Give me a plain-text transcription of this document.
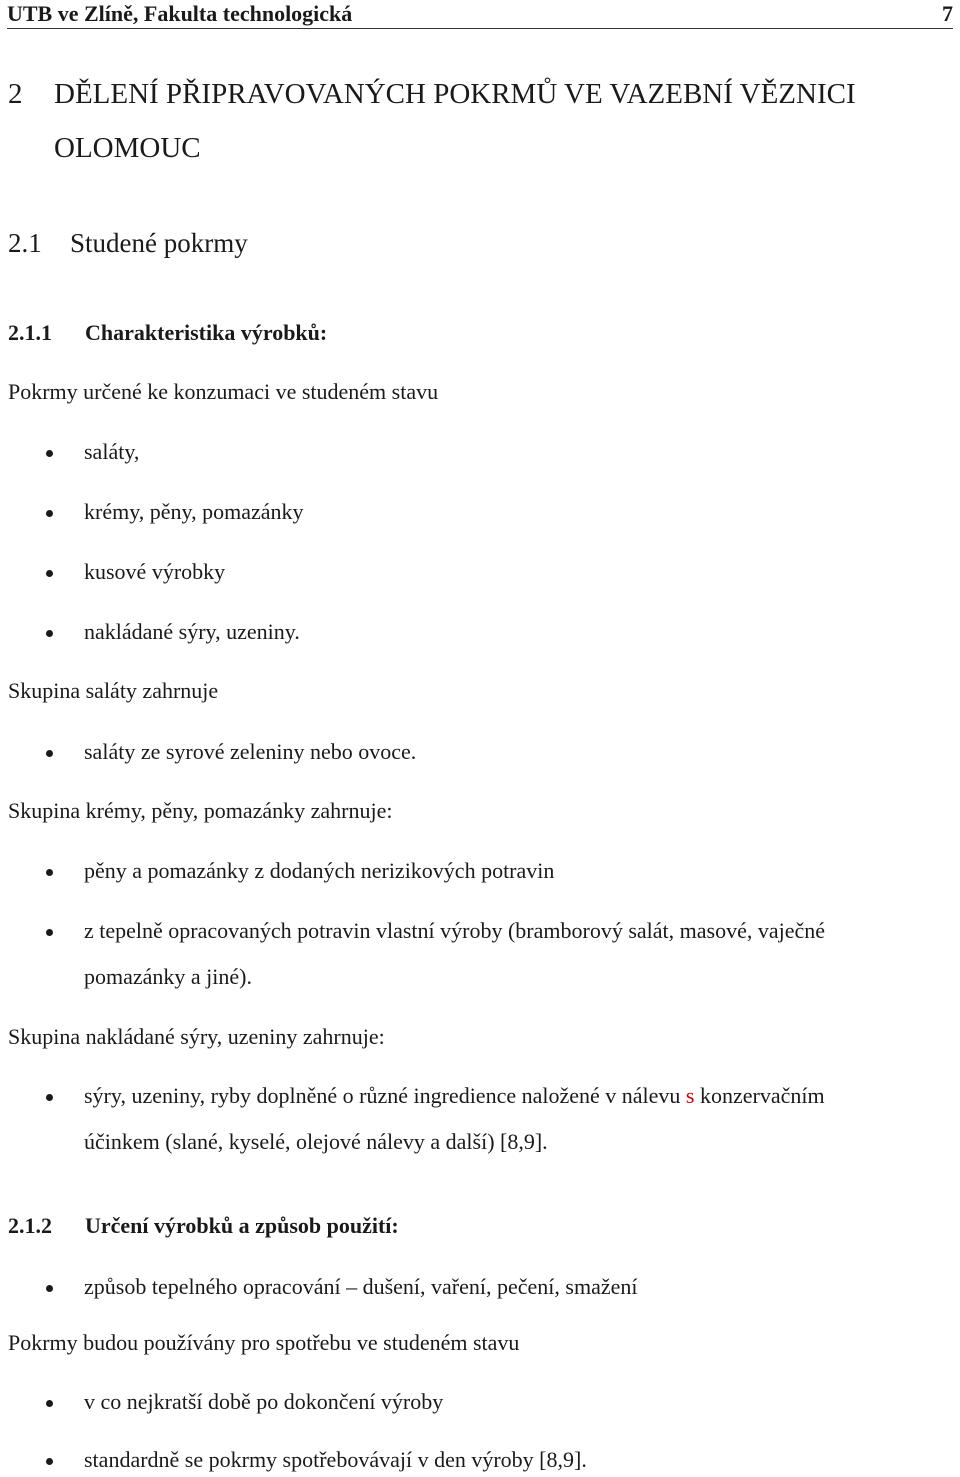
UTB ve Zlíně, Fakulta technologická	7
2 DĚLENÍ PŘIPRAVOVANÝCH POKRMŮ VE VAZEBNÍ VĚZNICI
OLOMOUC
2.1 Studené pokrmy
2.1.1 Charakteristika výrobků:
Pokrmy určené ke konzumaci ve studeném stavu
saláty,
krémy, pěny, pomazánky
kusové výrobky
nakládané sýry, uzeniny.
Skupina saláty zahrnuje
saláty ze syrové zeleniny nebo ovoce.
Skupina krémy, pěny, pomazánky zahrnuje:
pěny a pomazánky z dodaných nerizikových potravin
z tepelně opracovaných potravin vlastní výroby (bramborový salát, masové, vaječné
pomazánky a jiné).
Skupina nakládané sýry, uzeniny zahrnuje:
sýry, uzeniny, ryby doplněné o různé ingredience naložené v nálevu s konzervačním
účinkem (slané, kyselé, olejové nálevy a další) [8,9].
2.1.2 Určení výrobků a způsob použití:
způsob tepelného opracování – dušení, vaření, pečení, smažení
Pokrmy budou používány pro spotřebu ve studeném stavu
v co nejkratší době po dokončení výroby
standardně se pokrmy spotřebovávají v den výroby [8,9].
